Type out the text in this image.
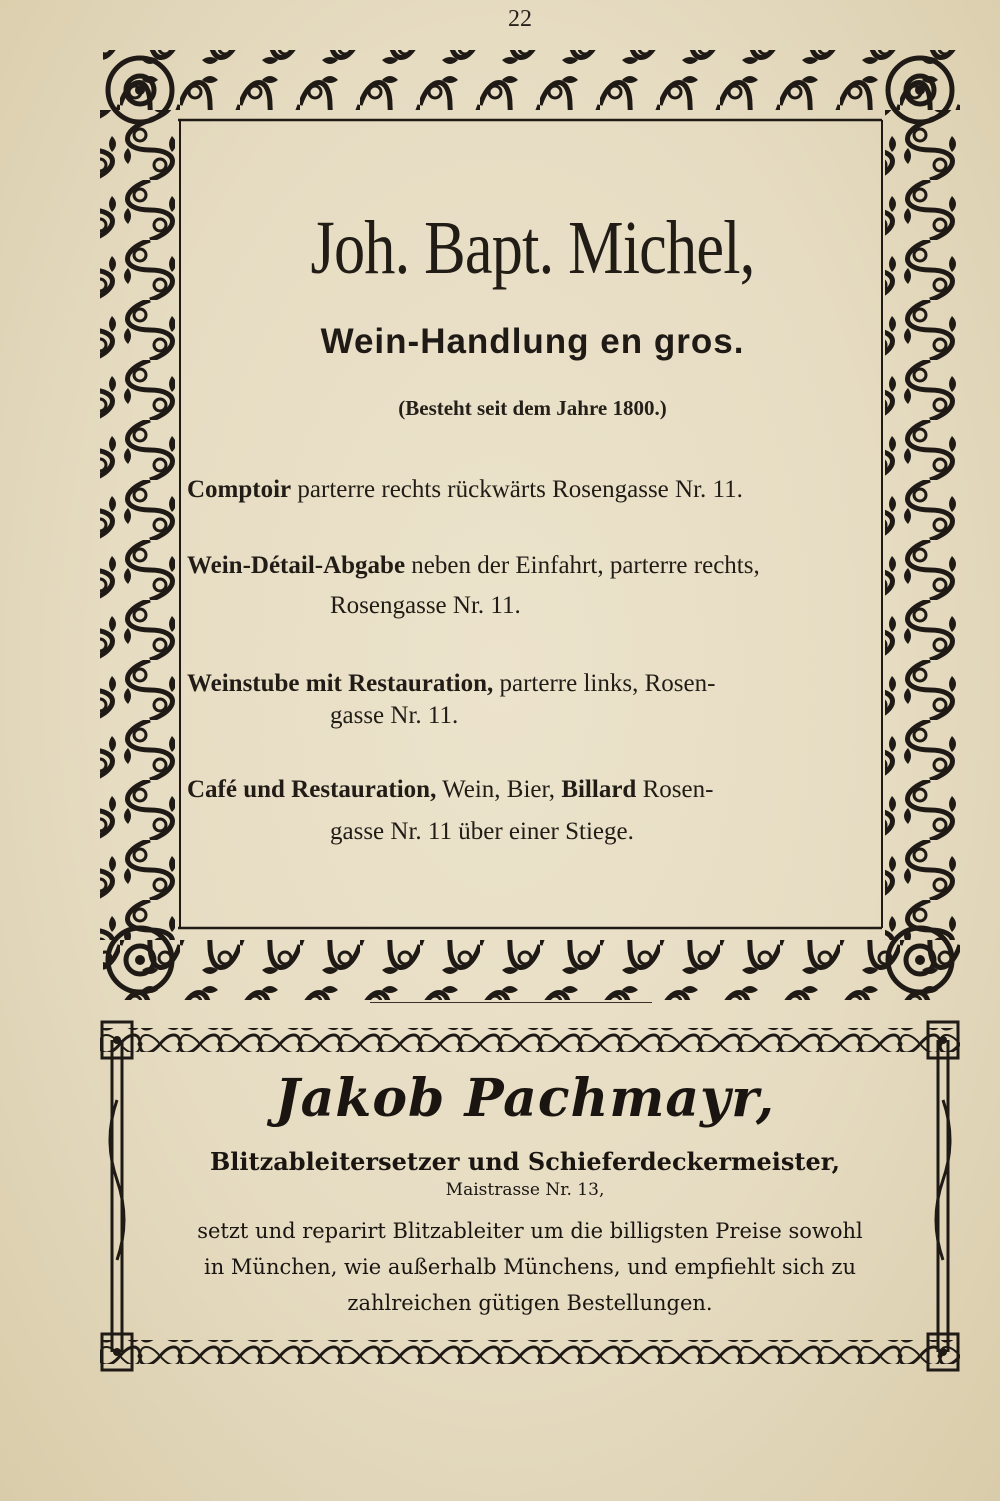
22
Joh. Bapt. Michel,
Wein-Handlung en gros.
(Besteht seit dem Jahre 1800.)
Comptoir parterre rechts rückwärts Rosengasse Nr. 11.
Wein-Détail-Abgabe neben der Einfahrt, parterre rechts,
Rosengasse Nr. 11.
Weinstube mit Restauration, parterre links, Rosen-
gasse Nr. 11.
Café und Restauration, Wein, Bier, Billard Rosen-
gasse Nr. 11 über einer Stiege.
Jakob Pachmayr,
Blitzableitersetzer und Schieferdeckermeister,
Maistrasse Nr. 13,
setzt und reparirt Blitzableiter um die billigsten Preise sowohl
in München, wie außerhalb Münchens, und empfiehlt sich zu
zahlreichen gütigen Bestellungen.
